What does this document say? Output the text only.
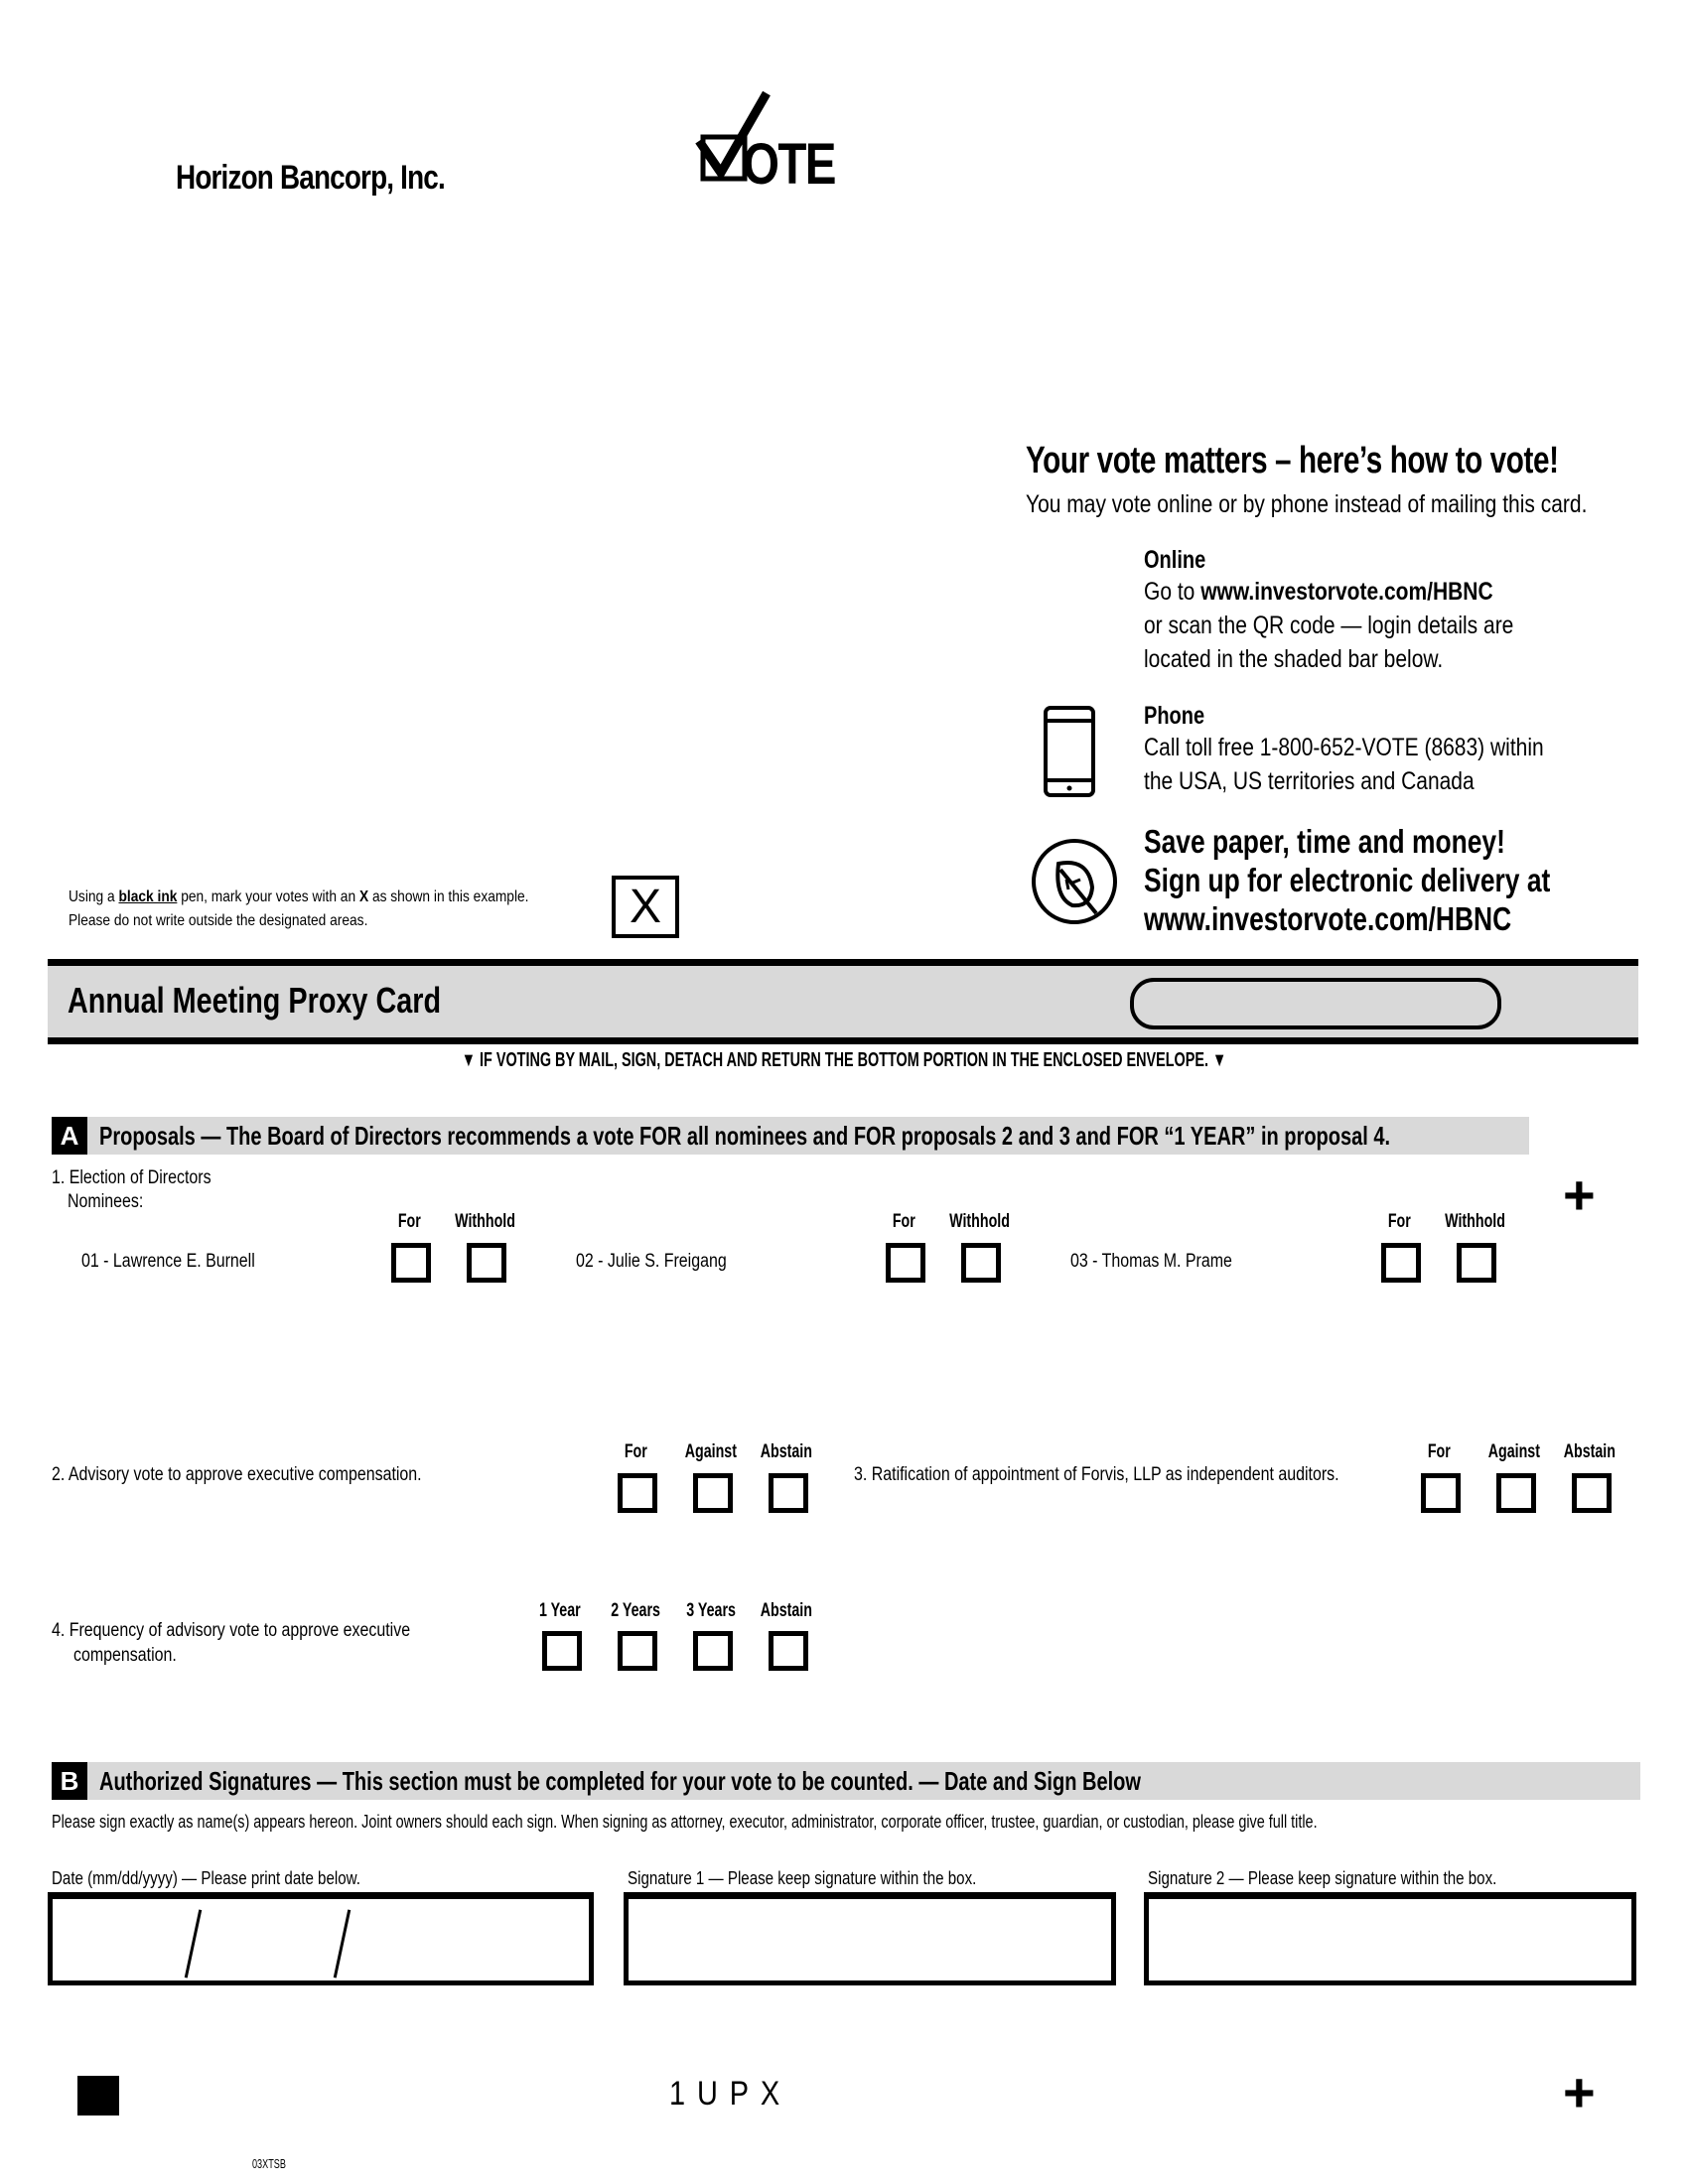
Horizon Bancorp, Inc.	OTE
Your vote matters – here’s how to vote!
You may vote online or by phone instead of mailing this card.
Online
Go to www.investorvote.com/HBNC
or scan the QR code — login details are
located in the shaded bar below.
Phone
Call toll free 1-800-652-VOTE (8683) within
the USA, US territories and Canada
Save paper, time and money!
Sign up for electronic delivery at
www.investorvote.com/HBNC
Using a black ink pen, mark your votes with an X as shown in this example.
Please do not write outside the designated areas.	X
Annual Meeting Proxy Card
▼ IF VOTING BY MAIL, SIGN, DETACH AND RETURN THE BOTTOM PORTION IN THE ENCLOSED ENVELOPE. ▼
A Proposals — The Board of Directors recommends a vote FOR all nominees and FOR proposals 2 and 3 and FOR “1 YEAR” in proposal 4.
+
1. Election of Directors
Nominees:
01 - Lawrence E. Burnell
For	Withhold
02 - Julie S. Freigang
For	Withhold
03 - Thomas M. Prame
For	Withhold
2. Advisory vote to approve executive compensation.
For	Against	Abstain
3. Ratification of appointment of Forvis, LLP as independent auditors.
For	Against	Abstain
4. Frequency of advisory vote to approve executive
compensation.
1 Year	2 Years	3 Years	Abstain
B Authorized Signatures — This section must be completed for your vote to be counted. — Date and Sign Below
Please sign exactly as name(s) appears hereon. Joint owners should each sign. When signing as attorney, executor, administrator, corporate officer, trustee, guardian, or custodian, please give full title.
Date (mm/dd/yyyy) — Please print date below.	Signature 1 — Please keep signature within the box.	Signature 2 — Please keep signature within the box.
1UPX	+
03XTSB
